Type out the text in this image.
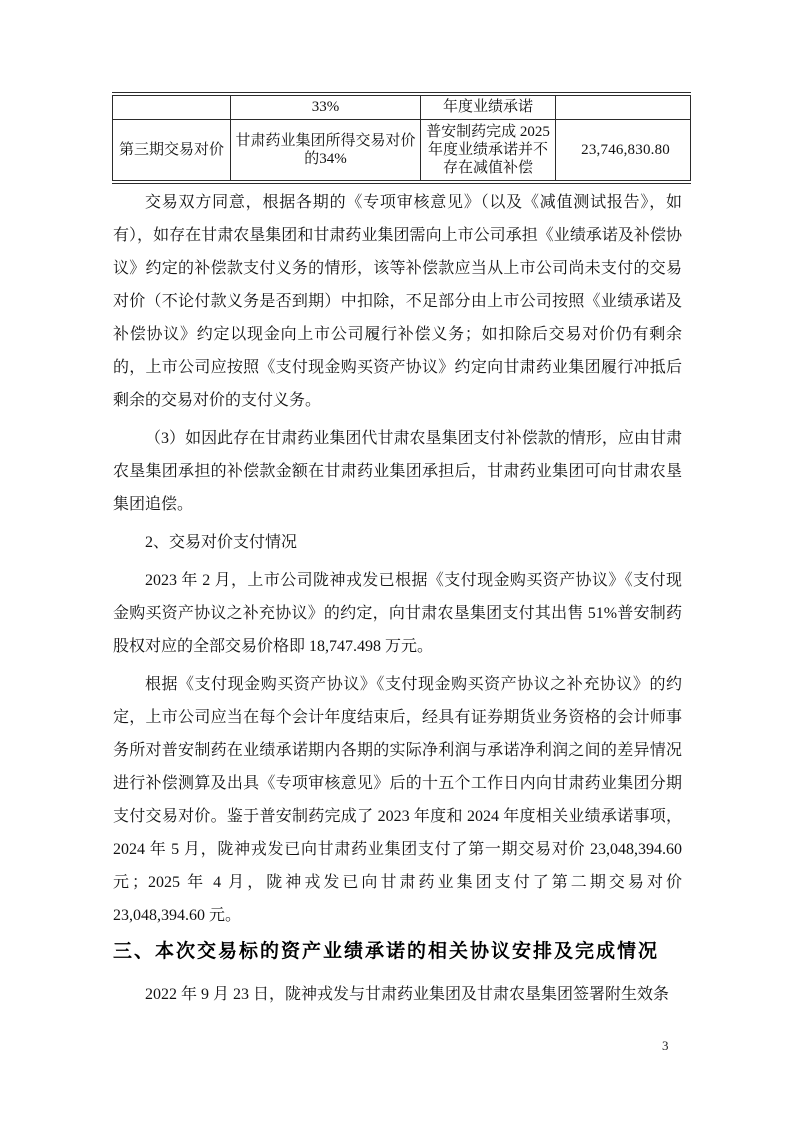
	33%	年度业绩承诺	
第三期交易对价	甘肃药业集团所得交易对价的34%	普安制药完成 2025年度业绩承诺并不存在减值补偿	23,746,830.80

交易双方同意，根据各期的《专项审核意见》（以及《减值测试报告》，如有），如存在甘肃农垦集团和甘肃药业集团需向上市公司承担《业绩承诺及补偿协议》约定的补偿款支付义务的情形，该等补偿款应当从上市公司尚未支付的交易对价（不论付款义务是否到期）中扣除，不足部分由上市公司按照《业绩承诺及补偿协议》约定以现金向上市公司履行补偿义务；如扣除后交易对价仍有剩余的，上市公司应按照《支付现金购买资产协议》约定向甘肃药业集团履行冲抵后剩余的交易对价的支付义务。

（3）如因此存在甘肃药业集团代甘肃农垦集团支付补偿款的情形，应由甘肃农垦集团承担的补偿款金额在甘肃药业集团承担后，甘肃药业集团可向甘肃农垦集团追偿。

2、交易对价支付情况

2023 年 2 月，上市公司陇神戎发已根据《支付现金购买资产协议》《支付现金购买资产协议之补充协议》的约定，向甘肃农垦集团支付其出售 51%普安制药股权对应的全部交易价格即 18,747.498 万元。

根据《支付现金购买资产协议》《支付现金购买资产协议之补充协议》的约定，上市公司应当在每个会计年度结束后，经具有证券期货业务资格的会计师事务所对普安制药在业绩承诺期内各期的实际净利润与承诺净利润之间的差异情况进行补偿测算及出具《专项审核意见》后的十五个工作日内向甘肃药业集团分期支付交易对价。鉴于普安制药完成了 2023 年度和 2024 年度相关业绩承诺事项，2024 年 5 月，陇神戎发已向甘肃药业集团支付了第一期交易对价 23,048,394.60 元；2025 年 4 月，陇神戎发已向甘肃药业集团支付了第二期交易对价 23,048,394.60 元。

三、本次交易标的资产业绩承诺的相关协议安排及完成情况

2022 年 9 月 23 日，陇神戎发与甘肃药业集团及甘肃农垦集团签署附生效条

3
